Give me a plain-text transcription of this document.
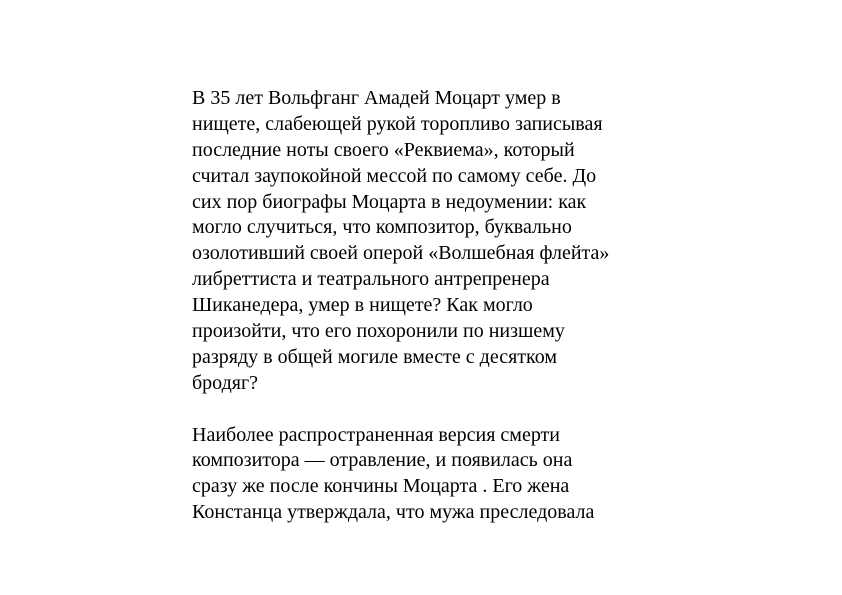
В 35 лет Вольфганг Амадей Моцарт умер в
нищете, слабеющей рукой торопливо записывая
последние ноты своего «Реквиема», который
считал заупокойной мессой по самому себе. До
сих пор биографы Моцарта в недоумении: как
могло случиться, что композитор, буквально
озолотивший своей оперой «Волшебная флейта»
либреттиста и театрального антрепренера
Шиканедера, умер в нищете? Как могло
произойти, что его похоронили по низшему
разряду в общей могиле вместе с десятком
бродяг?
Наиболее распространенная версия смерти
композитора — отравление, и появилась она
сразу же после кончины Моцарта . Его жена
Констанца утверждала, что мужа преследовала
